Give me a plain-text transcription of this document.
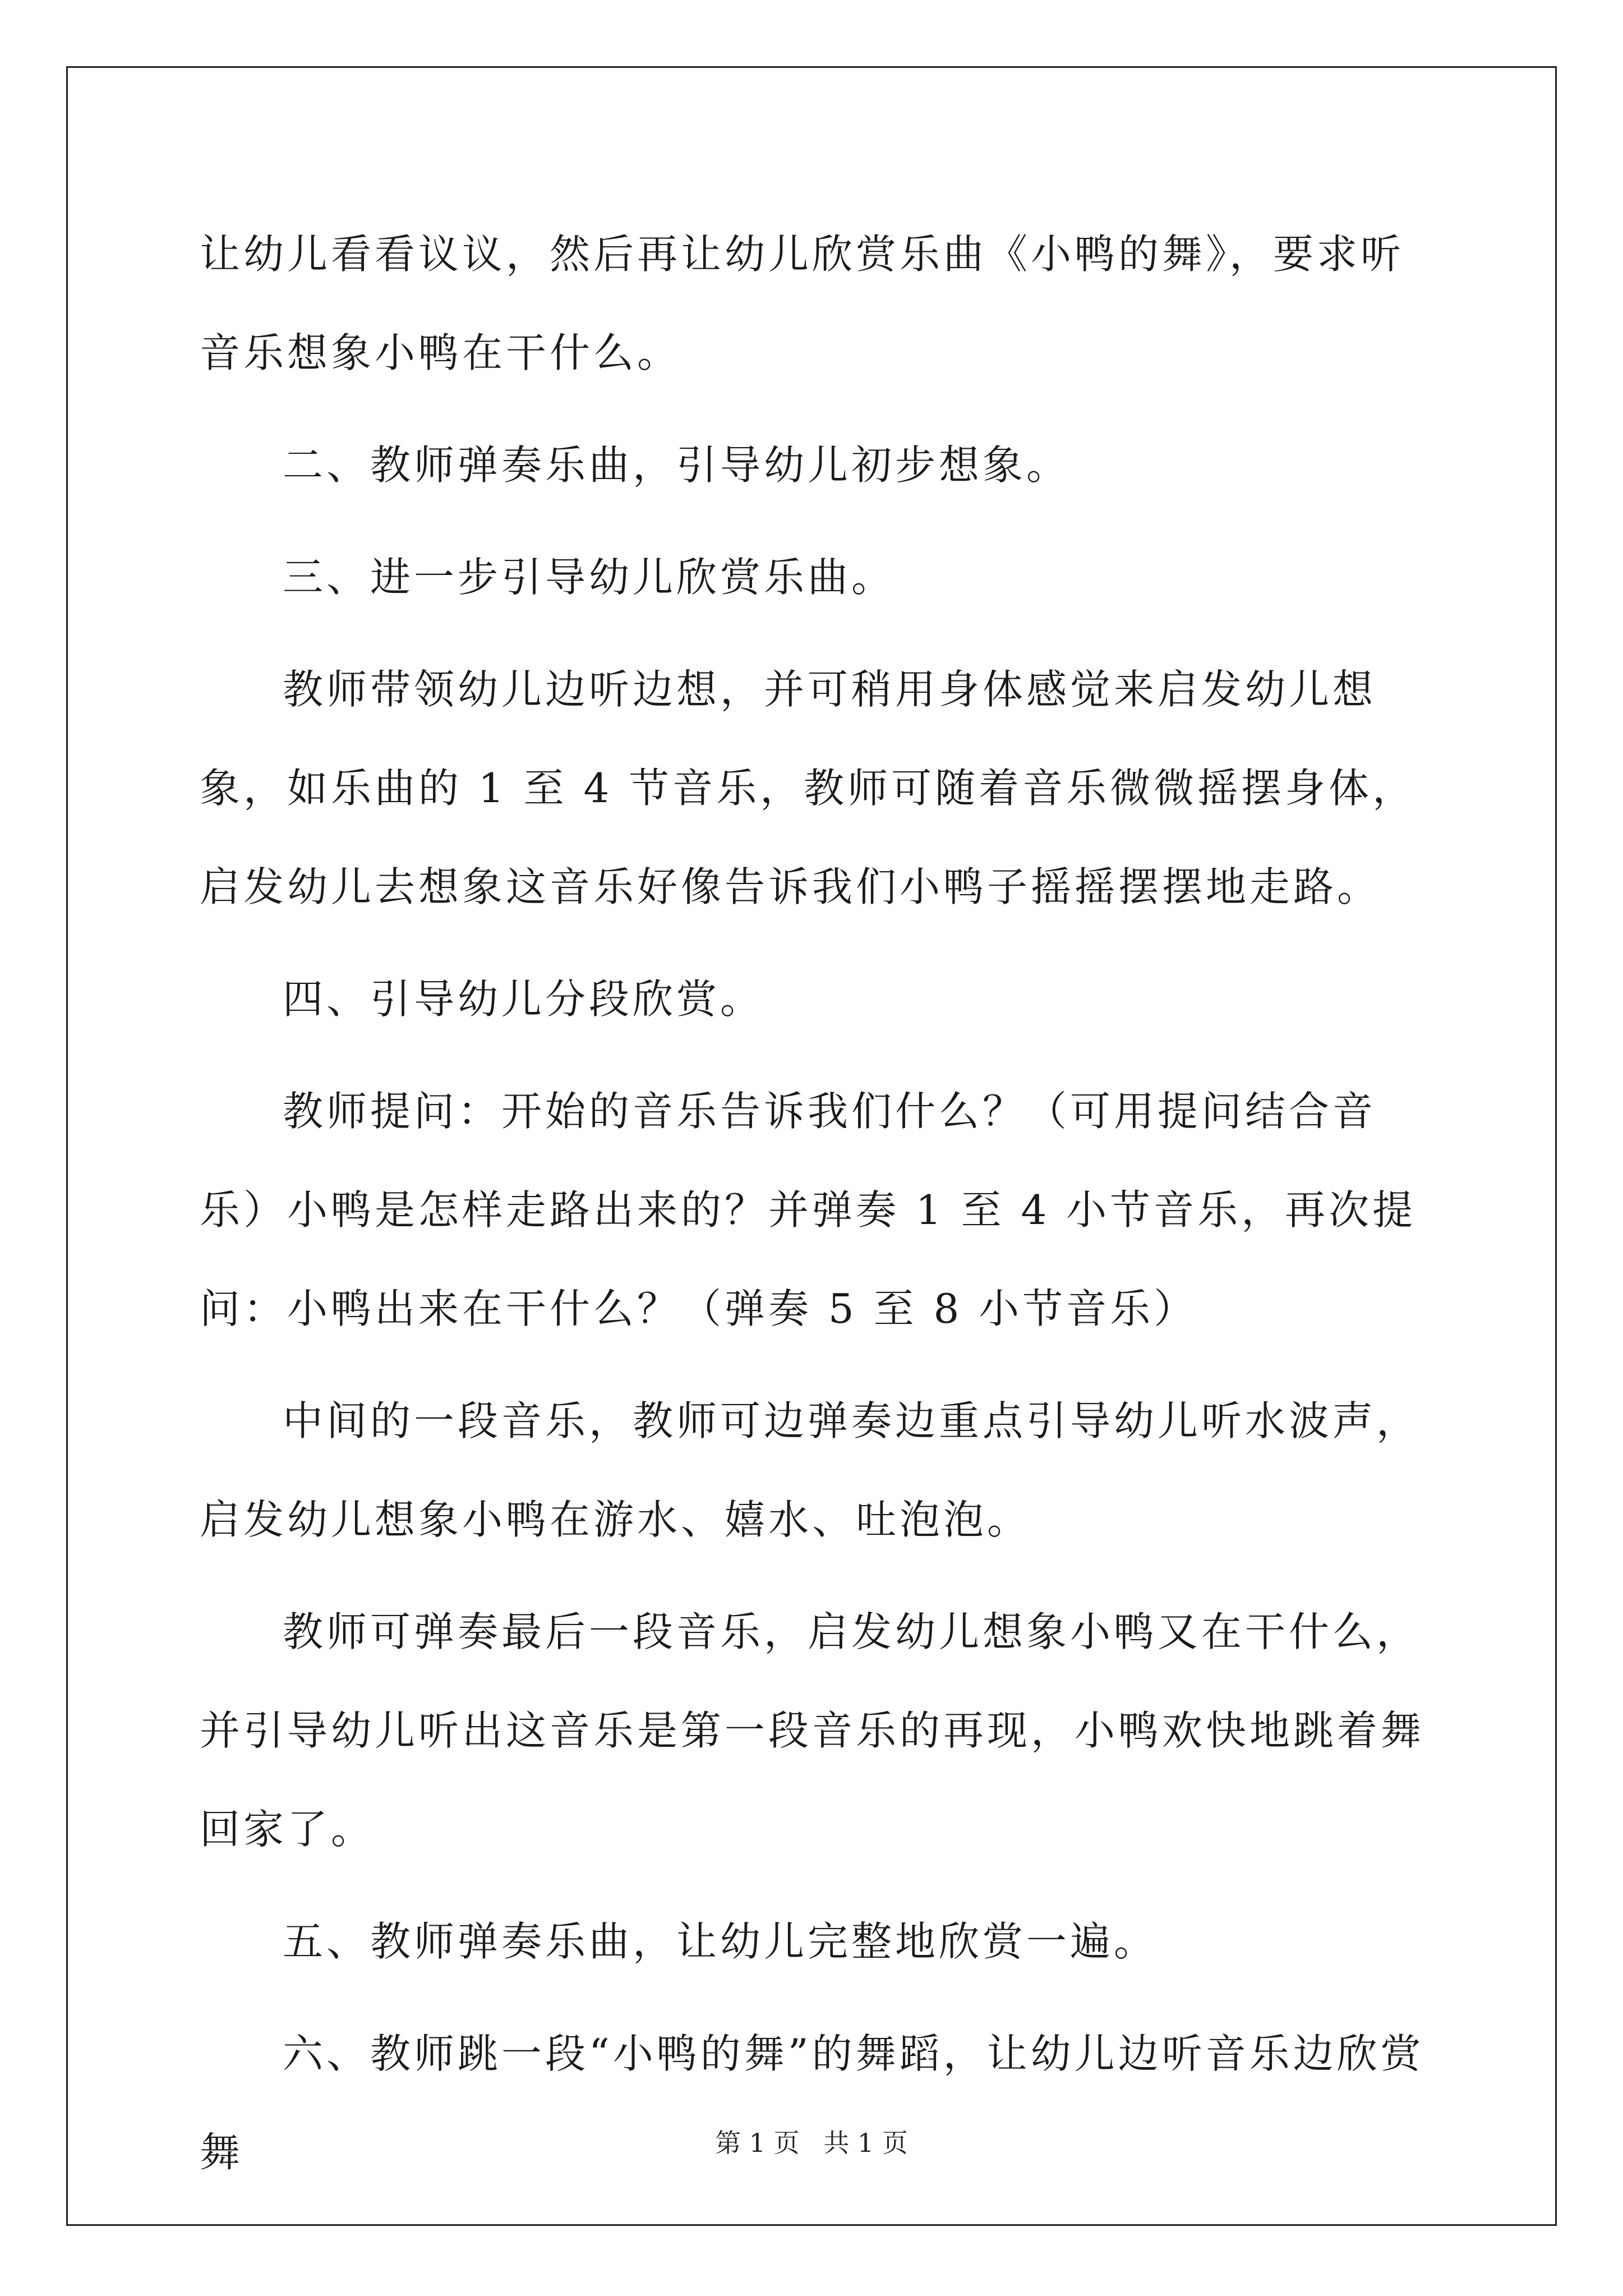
让幼儿看看议议，然后再让幼儿欣赏乐曲《小鸭的舞》，要求听音乐想象小鸭在干什么。

二、教师弹奏乐曲，引导幼儿初步想象。

三、进一步引导幼儿欣赏乐曲。

教师带领幼儿边听边想，并可稍用身体感觉来启发幼儿想象，如乐曲的 1 至 4 节音乐，教师可随着音乐微微摇摆身体，启发幼儿去想象这音乐好像告诉我们小鸭子摇摇摆摆地走路。

四、引导幼儿分段欣赏。

教师提问：开始的音乐告诉我们什么？（可用提问结合音乐）小鸭是怎样走路出来的？并弹奏 1 至 4 小节音乐，再次提问：小鸭出来在干什么？（弹奏 5 至 8 小节音乐）

中间的一段音乐，教师可边弹奏边重点引导幼儿听水波声，启发幼儿想象小鸭在游水、嬉水、吐泡泡。

教师可弹奏最后一段音乐，启发幼儿想象小鸭又在干什么，并引导幼儿听出这音乐是第一段音乐的再现，小鸭欢快地跳着舞回家了。

五、教师弹奏乐曲，让幼儿完整地欣赏一遍。

六、教师跳一段“小鸭的舞”的舞蹈，让幼儿边听音乐边欣赏舞	第 1 页 共 1 页
